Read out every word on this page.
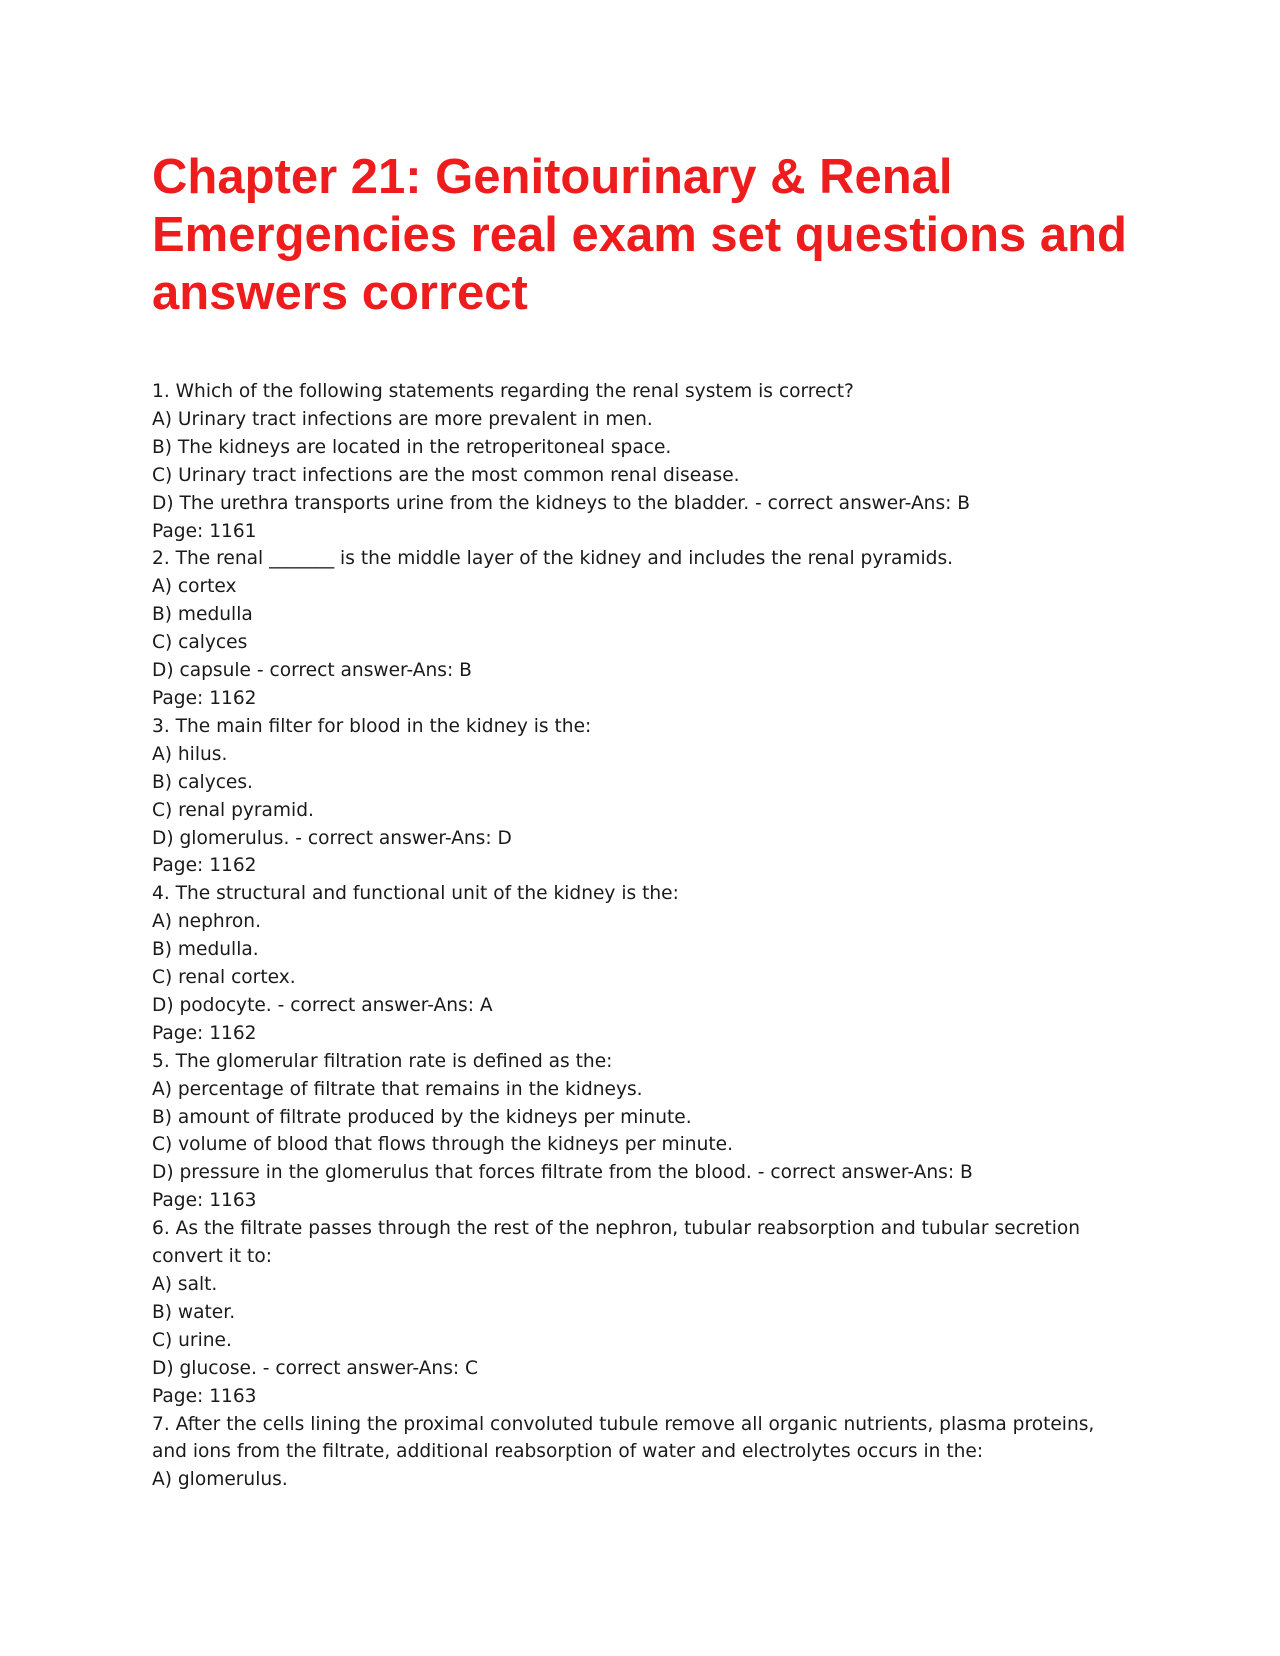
Chapter 21: Genitourinary & Renal Emergencies real exam set questions and answers correct

1. Which of the following statements regarding the renal system is correct?

A) Urinary tract infections are more prevalent in men.

B) The kidneys are located in the retroperitoneal space.

C) Urinary tract infections are the most common renal disease.

D) The urethra transports urine from the kidneys to the bladder. - correct answer-Ans: B

Page: 1161

2. The renal _______ is the middle layer of the kidney and includes the renal pyramids.

A) cortex

B) medulla

C) calyces

D) capsule - correct answer-Ans: B

Page: 1162

3. The main filter for blood in the kidney is the:

A) hilus.

B) calyces.

C) renal pyramid.

D) glomerulus. - correct answer-Ans: D

Page: 1162

4. The structural and functional unit of the kidney is the:

A) nephron.

B) medulla.

C) renal cortex.

D) podocyte. - correct answer-Ans: A

Page: 1162

5. The glomerular filtration rate is defined as the:

A) percentage of filtrate that remains in the kidneys.

B) amount of filtrate produced by the kidneys per minute.

C) volume of blood that flows through the kidneys per minute.

D) pressure in the glomerulus that forces filtrate from the blood. - correct answer-Ans: B

Page: 1163

6. As the filtrate passes through the rest of the nephron, tubular reabsorption and tubular secretion

convert it to:

A) salt.

B) water.

C) urine.

D) glucose. - correct answer-Ans: C

Page: 1163

7. After the cells lining the proximal convoluted tubule remove all organic nutrients, plasma proteins,

and ions from the filtrate, additional reabsorption of water and electrolytes occurs in the:

A) glomerulus.
